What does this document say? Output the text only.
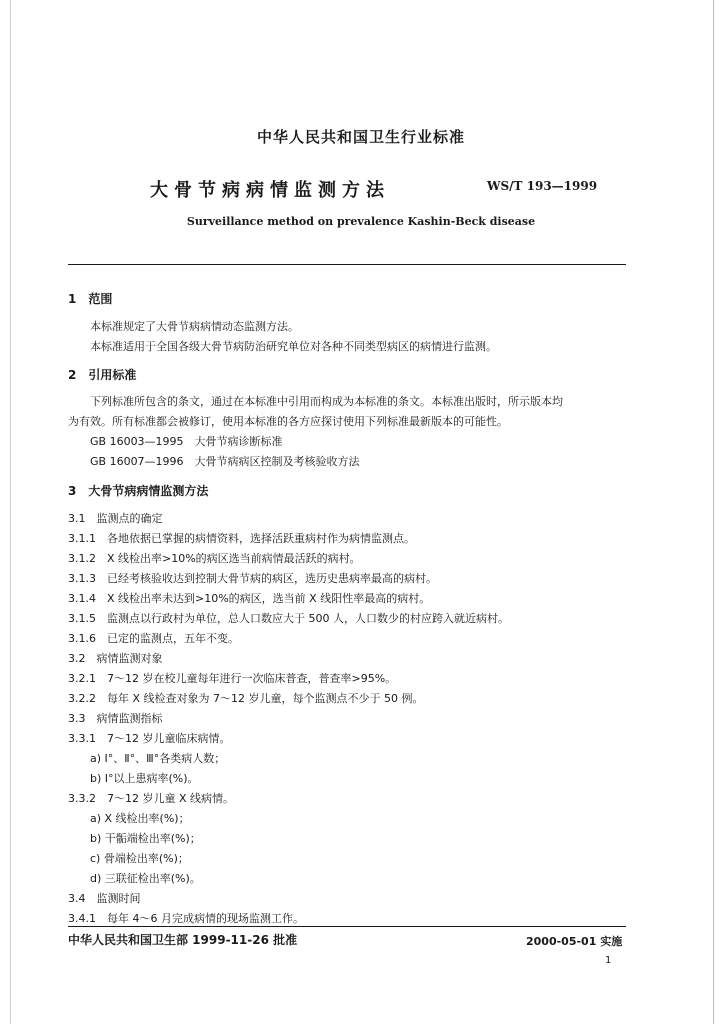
中华人民共和国卫生行业标准
大骨节病病情监测方法	WS/T 193—1999
Surveillance method on prevalence Kashin-Beck disease
1　范围
本标准规定了大骨节病病情动态监测方法。
本标准适用于全国各级大骨节病防治研究单位对各种不同类型病区的病情进行监测。
2　引用标准
下列标准所包含的条文，通过在本标准中引用而构成为本标准的条文。本标准出版时，所示版本均
为有效。所有标准都会被修订，使用本标准的各方应探讨使用下列标准最新版本的可能性。
GB 16003—1995　大骨节病诊断标准
GB 16007—1996　大骨节病病区控制及考核验收方法
3　大骨节病病情监测方法
3.1　监测点的确定
3.1.1　各地依据已掌握的病情资料，选择活跃重病村作为病情监测点。
3.1.2　X 线检出率>10%的病区选当前病情最活跃的病村。
3.1.3　已经考核验收达到控制大骨节病的病区，选历史患病率最高的病村。
3.1.4　X 线检出率未达到>10%的病区，选当前 X 线阳性率最高的病村。
3.1.5　监测点以行政村为单位，总人口数应大于 500 人，人口数少的村应跨入就近病村。
3.1.6　已定的监测点，五年不变。
3.2　病情监测对象
3.2.1　7～12 岁在校儿童每年进行一次临床普查，普查率>95%。
3.2.2　每年 X 线检查对象为 7～12 岁儿童，每个监测点不少于 50 例。
3.3　病情监测指标
3.3.1　7～12 岁儿童临床病情。
a) Ⅰ°、Ⅱ°、Ⅲ°各类病人数；
b) Ⅰ°以上患病率(%)。
3.3.2　7～12 岁儿童 X 线病情。
a) X 线检出率(%)；
b) 干骺端检出率(%)；
c) 骨端检出率(%)；
d) 三联征检出率(%)。
3.4　监测时间
3.4.1　每年 4～6 月完成病情的现场监测工作。
中华人民共和国卫生部 1999-11-26 批准	2000-05-01 实施
1
